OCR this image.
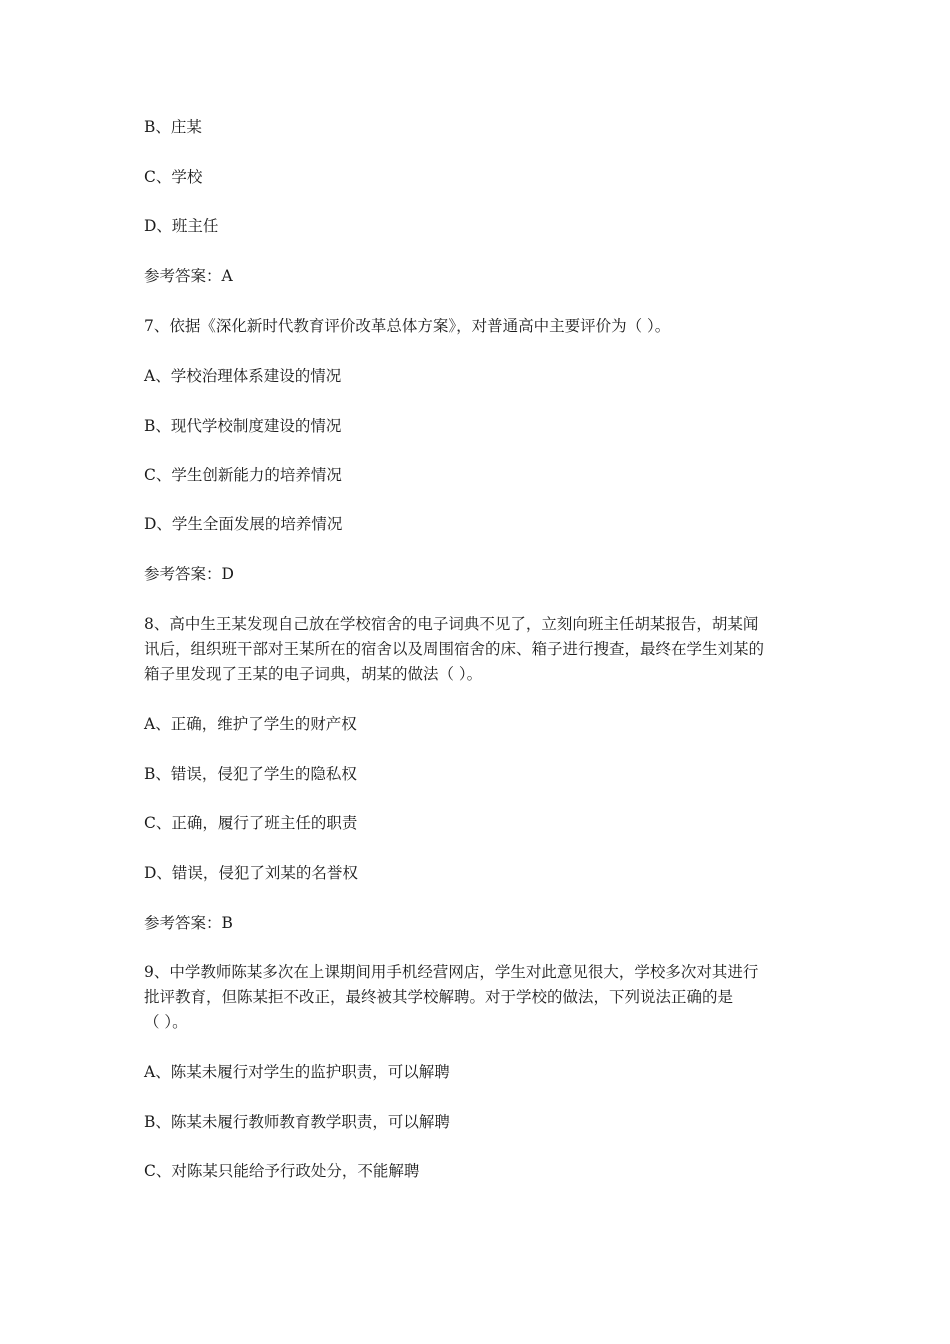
B、庄某

C、学校

D、班主任

参考答案：A

7、依据《深化新时代教育评价改革总体方案》，对普通高中主要评价为（ ）。

A、学校治理体系建设的情况

B、现代学校制度建设的情况

C、学生创新能力的培养情况

D、学生全面发展的培养情况

参考答案：D

8、高中生王某发现自己放在学校宿舍的电子词典不见了，立刻向班主任胡某报告，胡某闻

讯后，组织班干部对王某所在的宿舍以及周围宿舍的床、箱子进行搜查，最终在学生刘某的

箱子里发现了王某的电子词典，胡某的做法（ ）。

A、正确，维护了学生的财产权

B、错误，侵犯了学生的隐私权

C、正确，履行了班主任的职责

D、错误，侵犯了刘某的名誉权

参考答案：B

9、中学教师陈某多次在上课期间用手机经营网店，学生对此意见很大，学校多次对其进行

批评教育，但陈某拒不改正，最终被其学校解聘。对于学校的做法，下列说法正确的是

（ ）。

A、陈某未履行对学生的监护职责，可以解聘

B、陈某未履行教师教育教学职责，可以解聘

C、对陈某只能给予行政处分，不能解聘
